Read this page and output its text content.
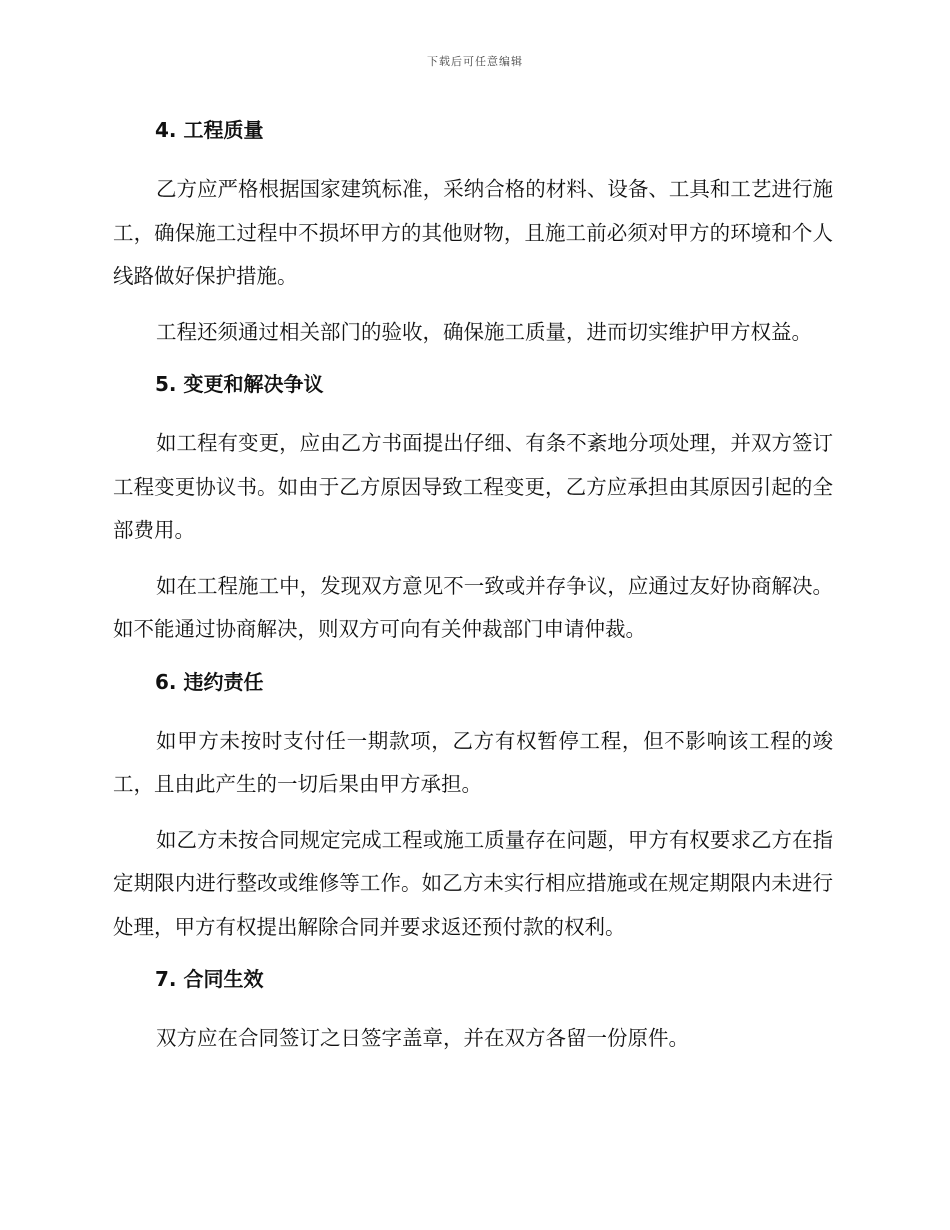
下载后可任意编辑
4. 工程质量

乙方应严格根据国家建筑标准，采纳合格的材料、设备、工具和工艺进行施工，确保施工过程中不损坏甲方的其他财物，且施工前必须对甲方的环境和个人线路做好保护措施。

工程还须通过相关部门的验收，确保施工质量，进而切实维护甲方权益。

5. 变更和解决争议

如工程有变更，应由乙方书面提出仔细、有条不紊地分项处理，并双方签订工程变更协议书。如由于乙方原因导致工程变更，乙方应承担由其原因引起的全部费用。

如在工程施工中，发现双方意见不一致或并存争议，应通过友好协商解决。如不能通过协商解决，则双方可向有关仲裁部门申请仲裁。

6. 违约责任

如甲方未按时支付任一期款项，乙方有权暂停工程，但不影响该工程的竣工，且由此产生的一切后果由甲方承担。

如乙方未按合同规定完成工程或施工质量存在问题，甲方有权要求乙方在指定期限内进行整改或维修等工作。如乙方未实行相应措施或在规定期限内未进行处理，甲方有权提出解除合同并要求返还预付款的权利。

7. 合同生效

双方应在合同签订之日签字盖章，并在双方各留一份原件。
